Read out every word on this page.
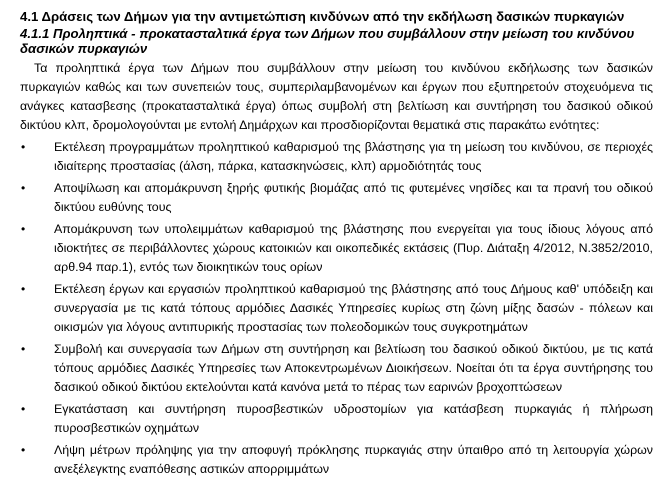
4.1 Δράσεις των Δήμων για την αντιμετώπιση κινδύνων από την εκδήλωση δασικών πυρκαγιών
4.1.1 Προληπτικά - προκατασταλτικά έργα των Δήμων που συμβάλλουν στην μείωση του κινδύνου δασικών πυρκαγιών
Τα προληπτικά έργα των Δήμων που συμβάλλουν στην μείωση του κινδύνου εκδήλωσης των δασικών πυρκαγιών καθώς και των συνεπειών τους, συμπεριλαμβανομένων και έργων που εξυπηρετούν στοχευόμενα τις ανάγκες κατασβεσης (προκατασταλτικά έργα) όπως συμβολή στη βελτίωση και συντήρηση του δασικού οδικού δικτύου κλπ, δρομολογούνται με εντολή Δημάρχων και προσδιορίζονται θεματικά στις παρακάτω ενότητες:
• Εκτέλεση προγραμμάτων προληπτικού καθαρισμού της βλάστησης για τη μείωση του κινδύνου, σε περιοχές ιδιαίτερης προστασίας (άλση, πάρκα, κατασκηνώσεις, κλπ) αρμοδιότητάς τους
• Αποψίλωση και απομάκρυνση ξηρής φυτικής βιομάζας από τις φυτεμένες νησίδες και τα πρανή του οδικού δικτύου ευθύνης τους
• Απομάκρυνση των υπολειμμάτων καθαρισμού της βλάστησης που ενεργείται για τους ίδιους λόγους από ιδιοκτήτες σε περιβάλλοντες χώρους κατοικιών και οικοπεδικές εκτάσεις (Πυρ. Διάταξη 4/2012, Ν.3852/2010, αρθ.94 παρ.1), εντός των διοικητικών τους ορίων
• Εκτέλεση έργων και εργασιών προληπτικού καθαρισμού της βλάστησης από τους Δήμους καθ' υπόδειξη και συνεργασία με τις κατά τόπους αρμόδιες Δασικές Υπηρεσίες κυρίως στη ζώνη μίξης δασών - πόλεων και οικισμών για λόγους αντιπυρικής προστασίας των πολεοδομικών τους συγκροτημάτων
• Συμβολή και συνεργασία των Δήμων στη συντήρηση και βελτίωση του δασικού οδικού δικτύου, με τις κατά τόπους αρμόδιες Δασικές Υπηρεσίες των Αποκεντρωμένων Διοικήσεων. Νοείται ότι τα έργα συντήρησης του δασικού οδικού δικτύου εκτελούνται κατά κανόνα μετά το πέρας των εαρινών βροχοπτώσεων
• Εγκατάσταση και συντήρηση πυροσβεστικών υδροστομίων για κατάσβεση πυρκαγιάς ή πλήρωση πυροσβεστικών οχημάτων
• Λήψη μέτρων πρόληψης για την αποφυγή πρόκλησης πυρκαγιάς στην ύπαιθρο από τη λειτουργία χώρων ανεξέλεγκτης εναπόθεσης αστικών απορριμμάτων
